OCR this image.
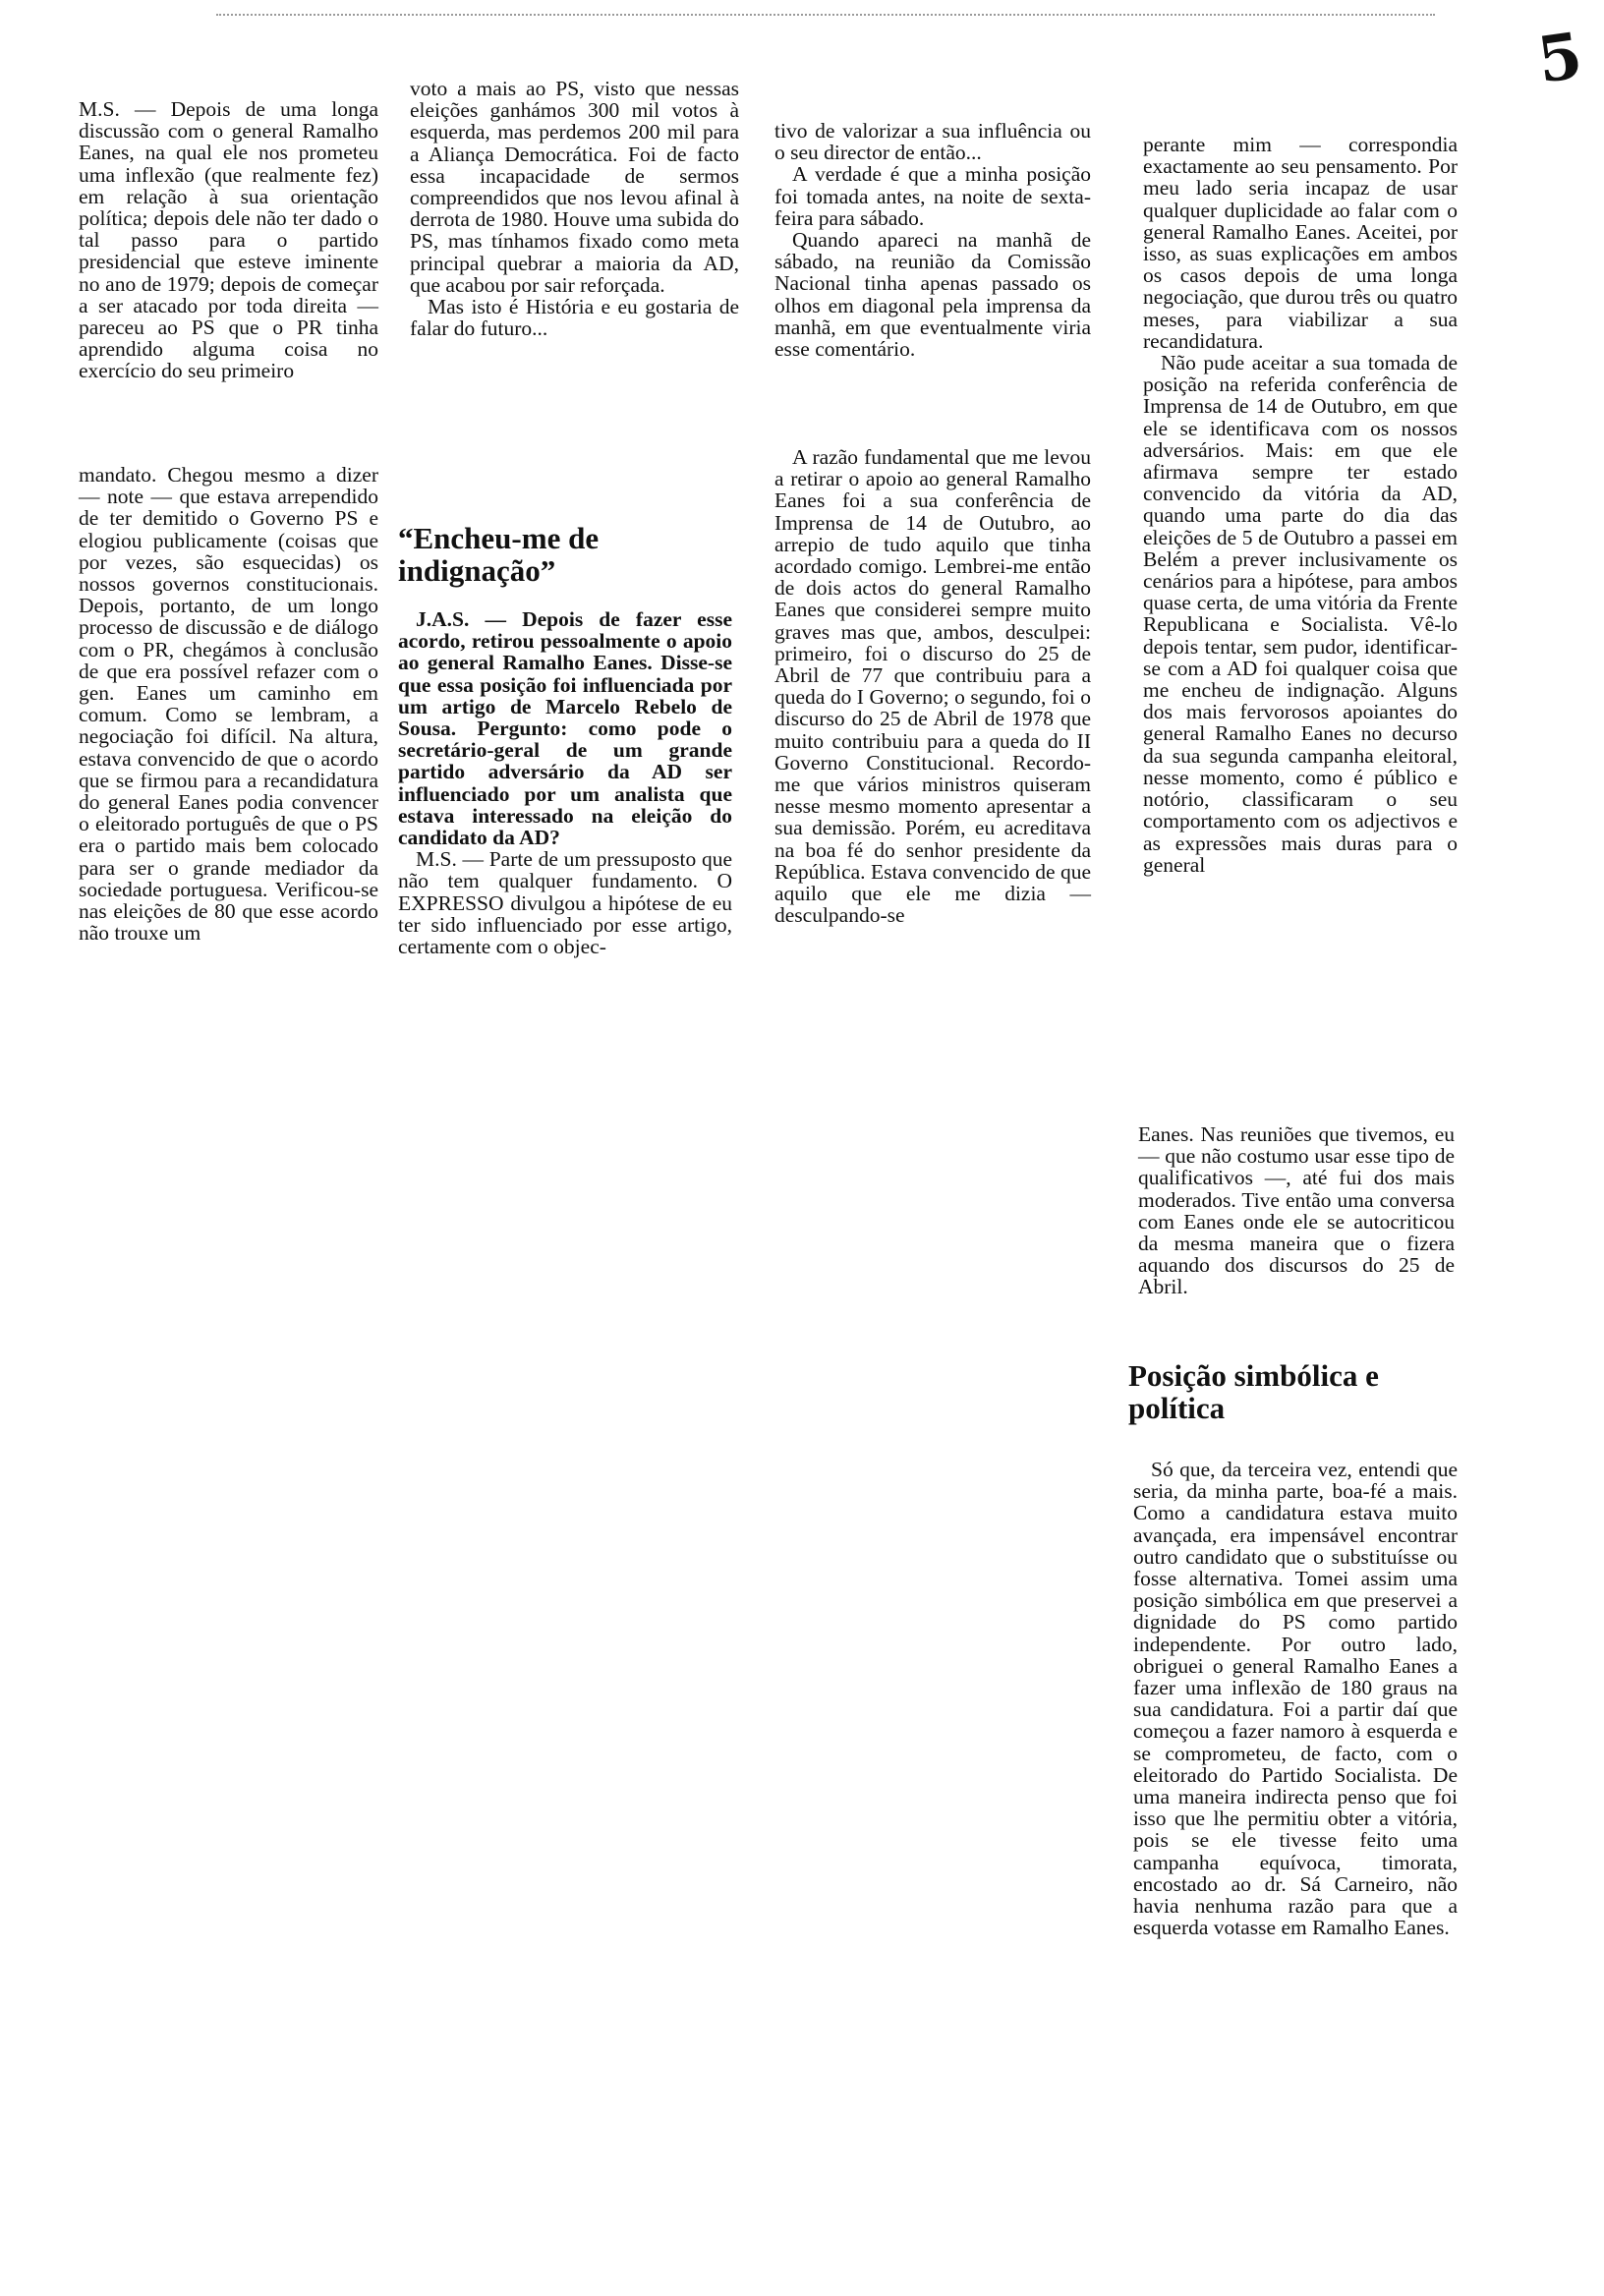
5

M.S. — Depois de uma longa discussão com o general Ramalho Eanes, na qual ele nos prometeu uma inflexão (que realmente fez) em relação à sua orientação política; depois dele não ter dado o tal passo para o partido presidencial que esteve iminente no ano de 1979; depois de começar a ser atacado por toda direita — pareceu ao PS que o PR tinha aprendido alguma coisa no exercício do seu primeiro

mandato. Chegou mesmo a dizer — note — que estava arrependido de ter demitido o Governo PS e elogiou publicamente (coisas que por vezes, são esquecidas) os nossos governos constitucionais. Depois, portanto, de um longo processo de discussão e de diálogo com o PR, chegámos à conclusão de que era possível refazer com o gen. Eanes um caminho em comum. Como se lembram, a negociação foi difícil. Na altura, estava convencido de que o acordo que se firmou para a recandidatura do general Eanes podia convencer o eleitorado português de que o PS era o partido mais bem colocado para ser o grande mediador da sociedade portuguesa. Verificou-se nas eleições de 80 que esse acordo não trouxe um

voto a mais ao PS, visto que nessas eleições ganhámos 300 mil votos à esquerda, mas perdemos 200 mil para a Aliança Democrática. Foi de facto essa incapacidade de sermos compreendidos que nos levou afinal à derrota de 1980. Houve uma subida do PS, mas tínhamos fixado como meta principal quebrar a maioria da AD, que acabou por sair reforçada.

Mas isto é História e eu gostaria de falar do futuro...

“Encheu-me de indignação”

J.A.S. — Depois de fazer esse acordo, retirou pessoalmente o apoio ao general Ramalho Eanes. Disse-se que essa posição foi influenciada por um artigo de Marcelo Rebelo de Sousa. Pergunto: como pode o secretário-geral de um grande partido adversário da AD ser influenciado por um analista que estava interessado na eleição do candidato da AD?

M.S. — Parte de um pressuposto que não tem qualquer fundamento. O EXPRESSO divulgou a hipótese de eu ter sido influenciado por esse artigo, certamente com o objec-

tivo de valorizar a sua influência ou o seu director de então...

A verdade é que a minha posição foi tomada antes, na noite de sexta-feira para sábado.

Quando apareci na manhã de sábado, na reunião da Comissão Nacional tinha apenas passado os olhos em diagonal pela imprensa da manhã, em que eventualmente viria esse comentário.

A razão fundamental que me levou a retirar o apoio ao general Ramalho Eanes foi a sua conferência de Imprensa de 14 de Outubro, ao arrepio de tudo aquilo que tinha acordado comigo. Lembrei-me então de dois actos do general Ramalho Eanes que considerei sempre muito graves mas que, ambos, desculpei: primeiro, foi o discurso do 25 de Abril de 77 que contribuiu para a queda do I Governo; o segundo, foi o discurso do 25 de Abril de 1978 que muito contribuiu para a queda do II Governo Constitucional. Recordo-me que vários ministros quiseram nesse mesmo momento apresentar a sua demissão. Porém, eu acreditava na boa fé do senhor presidente da República. Estava convencido de que aquilo que ele me dizia — desculpando-se

perante mim — correspondia exactamente ao seu pensamento. Por meu lado seria incapaz de usar qualquer duplicidade ao falar com o general Ramalho Eanes. Aceitei, por isso, as suas explicações em ambos os casos depois de uma longa negociação, que durou três ou quatro meses, para viabilizar a sua recandidatura.

Não pude aceitar a sua tomada de posição na referida conferência de Imprensa de 14 de Outubro, em que ele se identificava com os nossos adversários. Mais: em que ele afirmava sempre ter estado convencido da vitória da AD, quando uma parte do dia das eleições de 5 de Outubro a passei em Belém a prever inclusivamente os cenários para a hipótese, para ambos quase certa, de uma vitória da Frente Republicana e Socialista. Vê-lo depois tentar, sem pudor, identificar-se com a AD foi qualquer coisa que me encheu de indignação. Alguns dos mais fervorosos apoiantes do general Ramalho Eanes no decurso da sua segunda campanha eleitoral, nesse momento, como é público e notório, classificaram o seu comportamento com os adjectivos e as expressões mais duras para o general

Eanes. Nas reuniões que tivemos, eu — que não costumo usar esse tipo de qualificativos —, até fui dos mais moderados. Tive então uma conversa com Eanes onde ele se autocriticou da mesma maneira que o fizera aquando dos discursos do 25 de Abril.

Posição simbólica e política

Só que, da terceira vez, entendi que seria, da minha parte, boa-fé a mais. Como a candidatura estava muito avançada, era impensável encontrar outro candidato que o substituísse ou fosse alternativa. Tomei assim uma posição simbólica em que preservei a dignidade do PS como partido independente. Por outro lado, obriguei o general Ramalho Eanes a fazer uma inflexão de 180 graus na sua candidatura. Foi a partir daí que começou a fazer namoro à esquerda e se comprometeu, de facto, com o eleitorado do Partido Socialista. De uma maneira indirecta penso que foi isso que lhe permitiu obter a vitória, pois se ele tivesse feito uma campanha equívoca, timorata, encostado ao dr. Sá Carneiro, não havia nenhuma razão para que a esquerda votasse em Ramalho Eanes.
